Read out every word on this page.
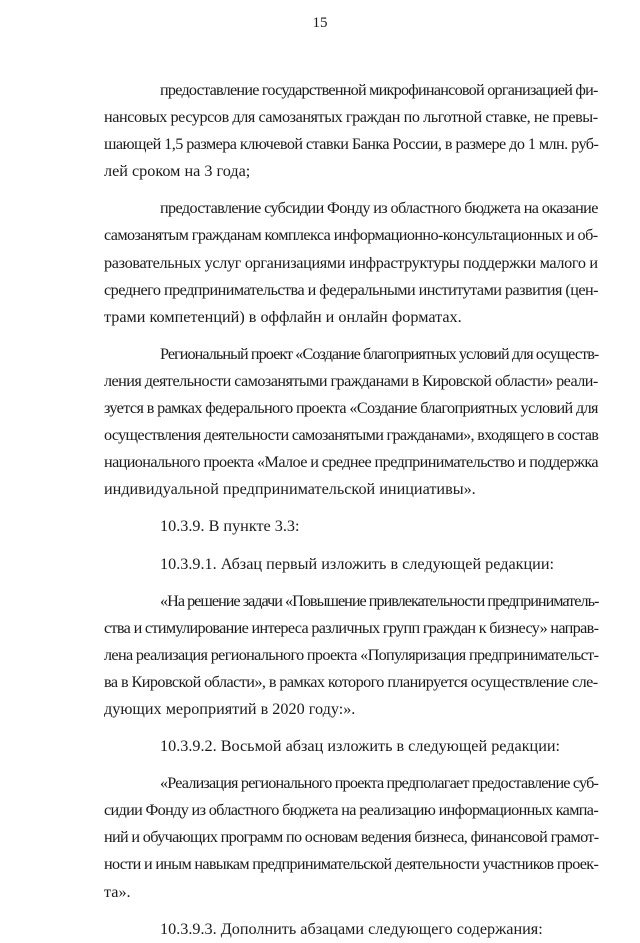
15
предоставление государственной микрофинансовой организацией фи-
нансовых ресурсов для самозанятых граждан по льготной ставке, не превы-
шающей 1,5 размера ключевой ставки Банка России, в размере до 1 млн. руб-
лей сроком на 3 года;
предоставление субсидии Фонду из областного бюджета на оказание
самозанятым гражданам комплекса информационно-консультационных и об-
разовательных услуг организациями инфраструктуры поддержки малого и
среднего предпринимательства и федеральными институтами развития (цен-
трами компетенций) в оффлайн и онлайн форматах.
Региональный проект «Создание благоприятных условий для осуществ-
ления деятельности самозанятыми гражданами в Кировской области» реали-
зуется в рамках федерального проекта «Создание благоприятных условий для
осуществления деятельности самозанятыми гражданами», входящего в состав
национального проекта «Малое и среднее предпринимательство и поддержка
индивидуальной предпринимательской инициативы».
10.3.9. В пункте 3.3:
10.3.9.1. Абзац первый изложить в следующей редакции:
«На решение задачи «Повышение привлекательности предприниматель-
ства и стимулирование интереса различных групп граждан к бизнесу» направ-
лена реализация регионального проекта «Популяризация предпринимательст-
ва в Кировской области», в рамках которого планируется осуществление сле-
дующих мероприятий в 2020 году:».
10.3.9.2. Восьмой абзац изложить в следующей редакции:
«Реализация регионального проекта предполагает предоставление суб-
сидии Фонду из областного бюджета на реализацию информационных кампа-
ний и обучающих программ по основам ведения бизнеса, финансовой грамот-
ности и иным навыкам предпринимательской деятельности участников проек-
та».
10.3.9.3. Дополнить абзацами следующего содержания:
